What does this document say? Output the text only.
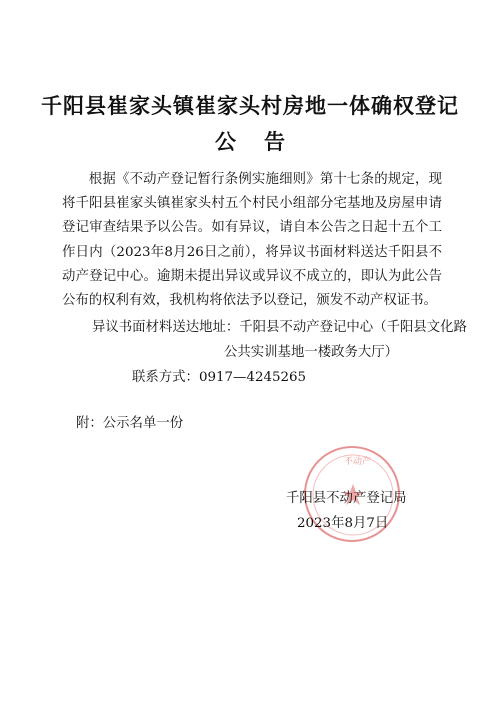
千阳县崔家头镇崔家头村房地一体确权登记
公告
根据《不动产登记暂行条例实施细则》第十七条的规定，现将千阳县崔家头镇崔家头村五个村民小组部分宅基地及房屋申请登记审查结果予以公告。如有异议，请自本公告之日起十五个工作日内（2023年8月26日之前），将异议书面材料送达千阳县不动产登记中心。逾期未提出异议或异议不成立的，即认为此公告公布的权利有效，我机构将依法予以登记，颁发不动产权证书。
异议书面材料送达地址：千阳县不动产登记中心（千阳县文化路
公共实训基地一楼政务大厅）
联系方式：0917—4245265
附：公示名单一份
不动产
千阳县不动产登记局
2023年8月7日
